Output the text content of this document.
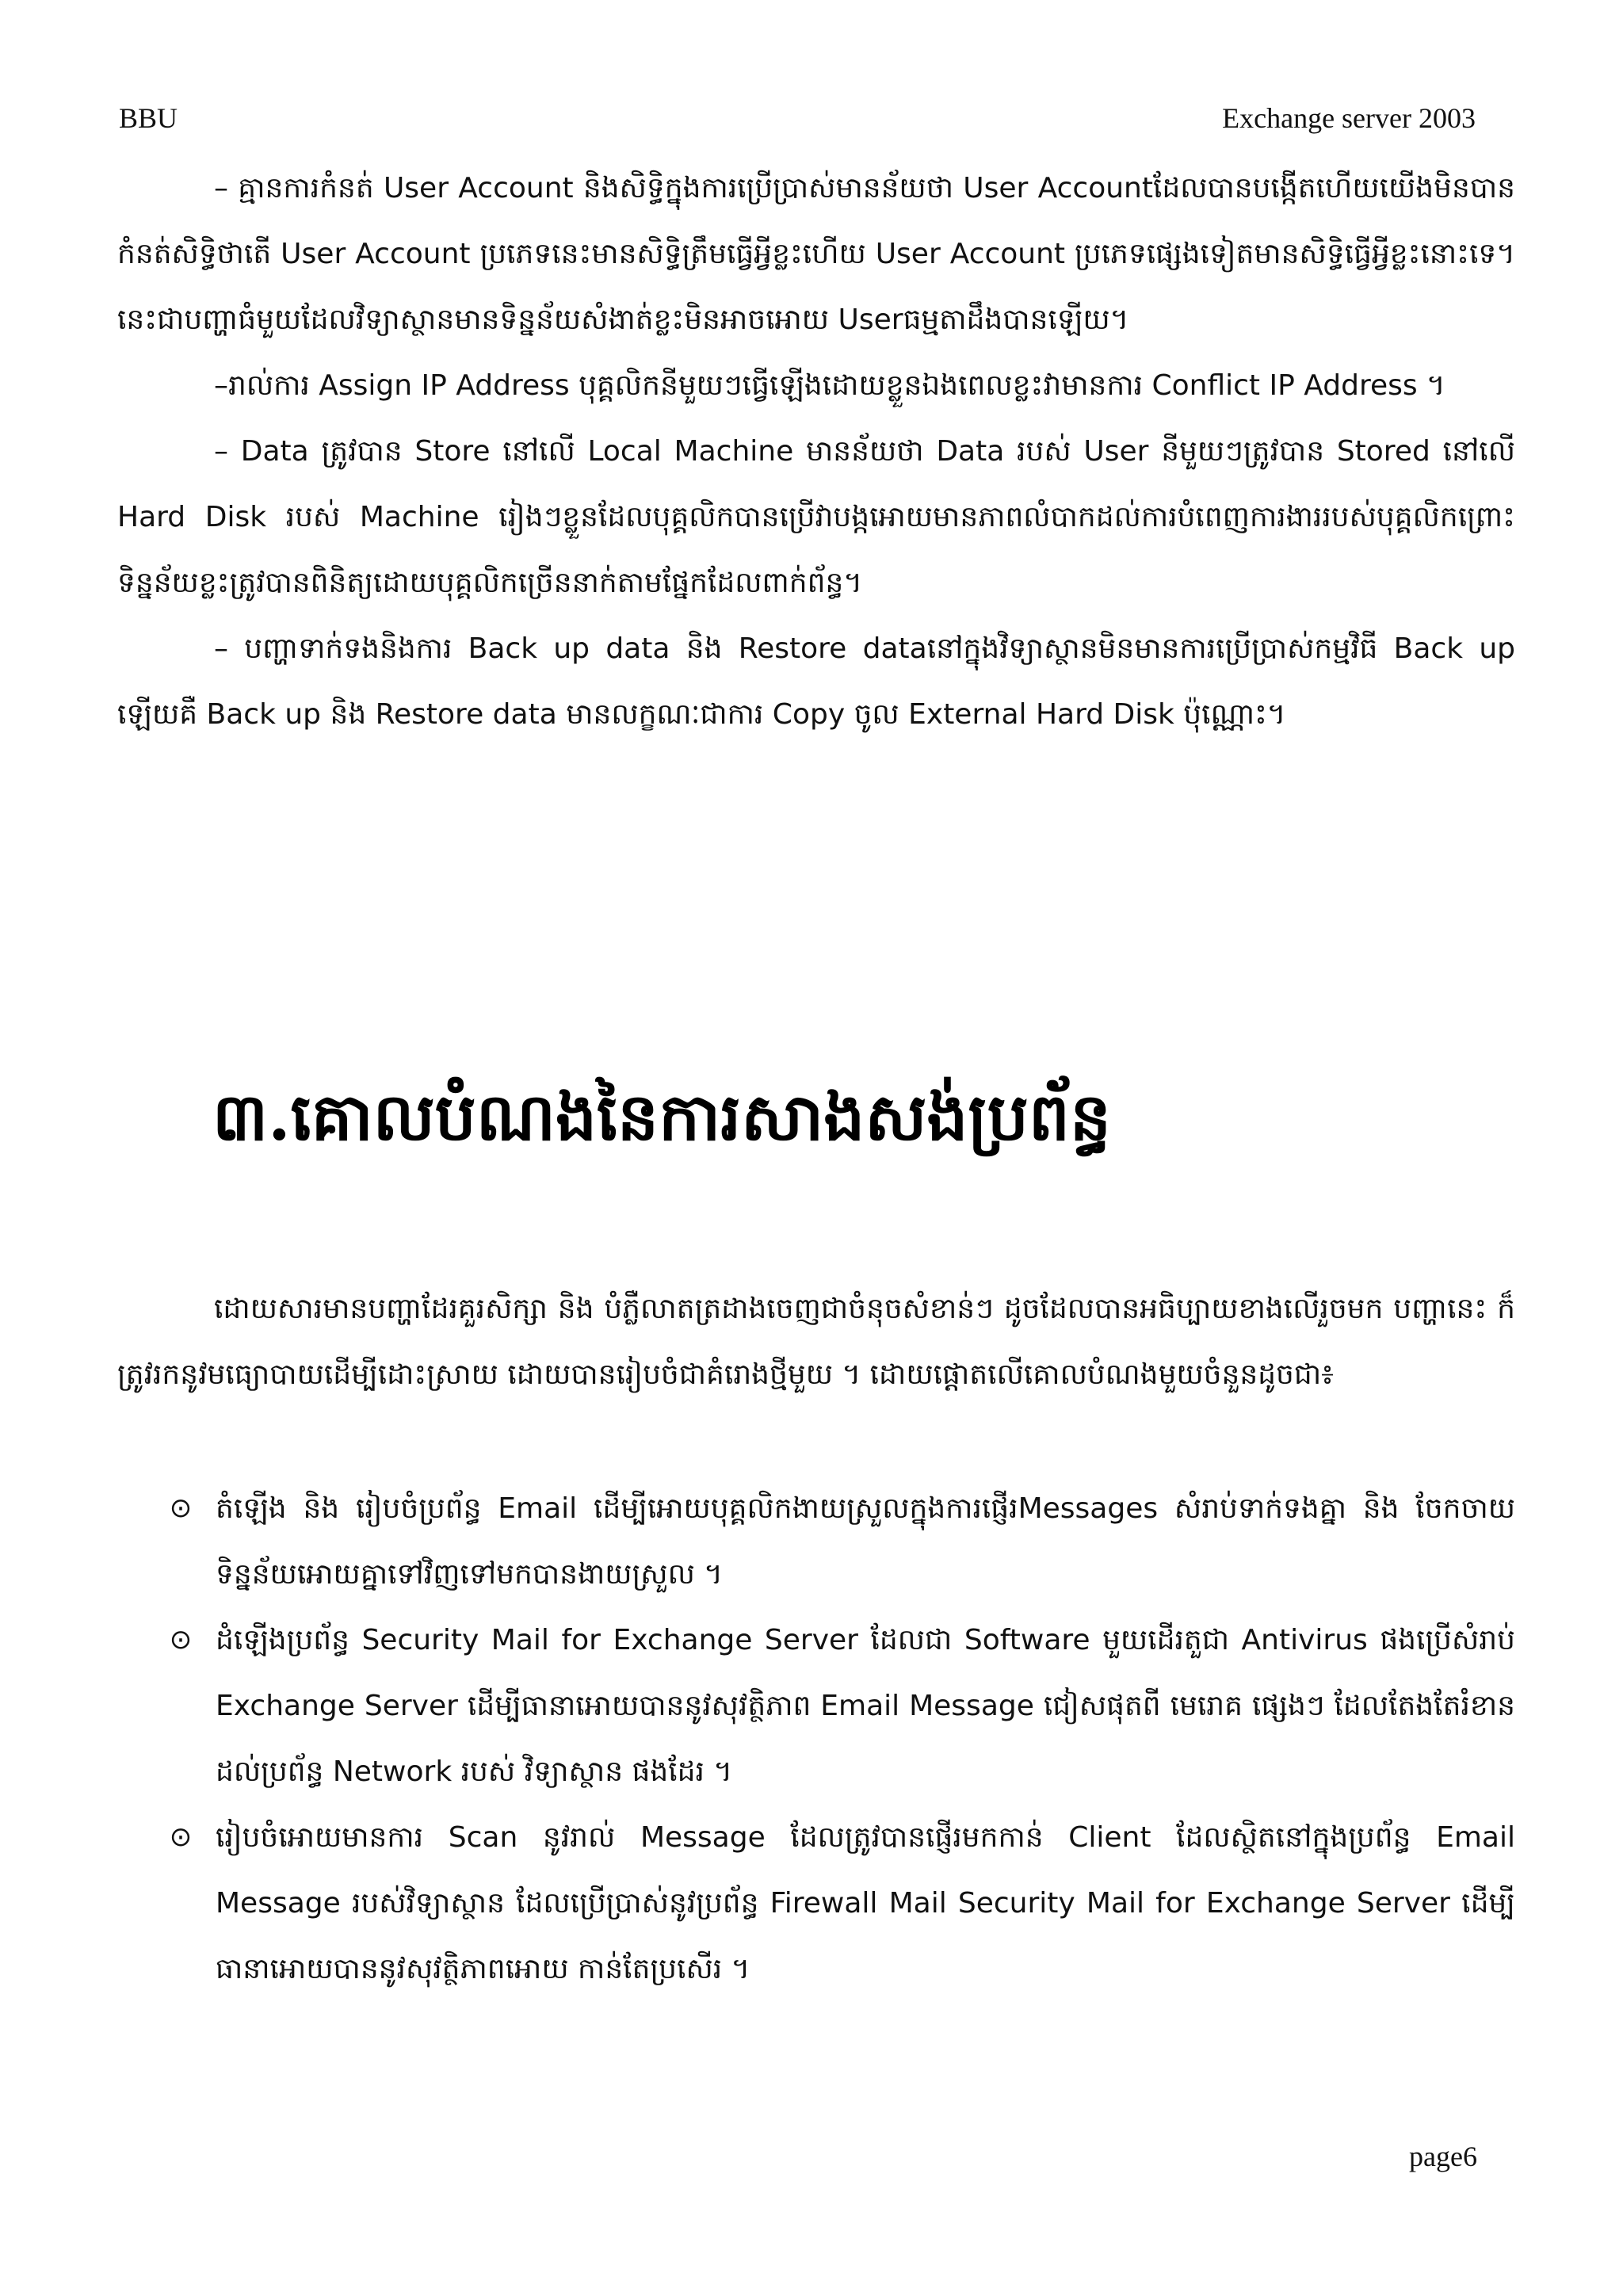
BBU	Exchange server 2003

– គ្មានការកំនត់ User Account និងសិទ្ធិក្នុងការប្រើប្រាស់មានន័យថា User Accountដែលបានបង្កើតហើយយើងមិនបានកំនត់សិទ្ធិថាតើ User Account ប្រភេទនេះមានសិទ្ធិត្រឹមធ្វើអ្វីខ្លះហើយ User Account ប្រភេទផ្សេងទៀតមានសិទ្ធិធ្វើអ្វីខ្លះនោះទេ។នេះជាបញ្ហាធំមួយដែលវិទ្យាស្ថានមានទិន្នន័យសំងាត់ខ្លះមិនអាចអោយ Userធម្មតាដឹងបានឡើយ។

–រាល់ការ Assign IP Address បុគ្គលិកនីមួយៗធ្វើឡើងដោយខ្លួនឯងពេលខ្លះវាមានការ Conflict IP Address ។

– Data ត្រូវបាន Store នៅលើ Local Machine មានន័យថា Data របស់ User នីមួយៗត្រូវបាន Stored នៅលើ Hard Disk របស់ Machine រៀងៗខ្លួនដែលបុគ្គលិកបានប្រើវាបង្កអោយមានភាពលំបាកដល់ការបំពេញការងាររបស់បុគ្គលិកព្រោះទិន្នន័យខ្លះត្រូវបានពិនិត្យដោយបុគ្គលិកច្រើននាក់តាមផ្នែកដែលពាក់ព័ន្ធ។

– បញ្ហាទាក់ទងនិងការ Back up data និង Restore dataនៅក្នុងវិទ្យាស្ថានមិនមានការប្រើប្រាស់កម្មវិធី Back up ឡើយគឺ Back up និង Restore data មានលក្ខណៈជាការ Copy ចូល External Hard Disk ប៉ុណ្ណោះ។

៣.គោលបំណងនៃការសាងសង់ប្រព័ន្ធ

ដោយសារមានបញ្ហាដែរគួរសិក្សា និង បំភ្លឺលាតត្រដាងចេញជាចំនុចសំខាន់ៗ ដូចដែលបានអធិប្បាយខាងលើរួចមក បញ្ហានេះ ក៏ ត្រូវរកនូវមធ្យោបាយដើម្បីដោះស្រាយ ដោយបានរៀបចំជាគំរោងថ្មីមួយ ។ ដោយផ្តោតលើគោលបំណងមួយចំនួនដូចជា៖

⊙ តំឡើង និង រៀបចំប្រព័ន្ធ Email ដើម្បីអោយបុគ្គលិកងាយស្រួលក្នុងការផ្ញើរMessages សំរាប់ទាក់ទងគ្នា និង ចែកចាយទិន្នន័យអោយគ្នាទៅវិញទៅមកបានងាយស្រួល ។
⊙ ដំឡើងប្រព័ន្ធ Security Mail for Exchange Server ដែលជា Software មួយដើរតួជា Antivirus ផងប្រើសំរាប់ Exchange Server ដើម្បីធានាអោយបាននូវសុវត្ថិភាព Email Message ជៀសផុតពី មេរោគ ផ្សេងៗ ដែលតែងតែរំខានដល់ប្រព័ន្ធ Network របស់ វិទ្យាស្ថាន ផងដែរ ។
⊙ រៀបចំអោយមានការ Scan នូវរាល់ Message ដែលត្រូវបានផ្ញើរមកកាន់ Client ដែលស្ថិតនៅក្នុងប្រព័ន្ធ Email Message របស់វិទ្យាស្ថាន ដែលប្រើប្រាស់នូវប្រព័ន្ធ Firewall Mail Security Mail for Exchange Server ដើម្បីធានាអោយបាននូវសុវត្ថិភាពអោយ កាន់តែប្រសើរ ។
page6
